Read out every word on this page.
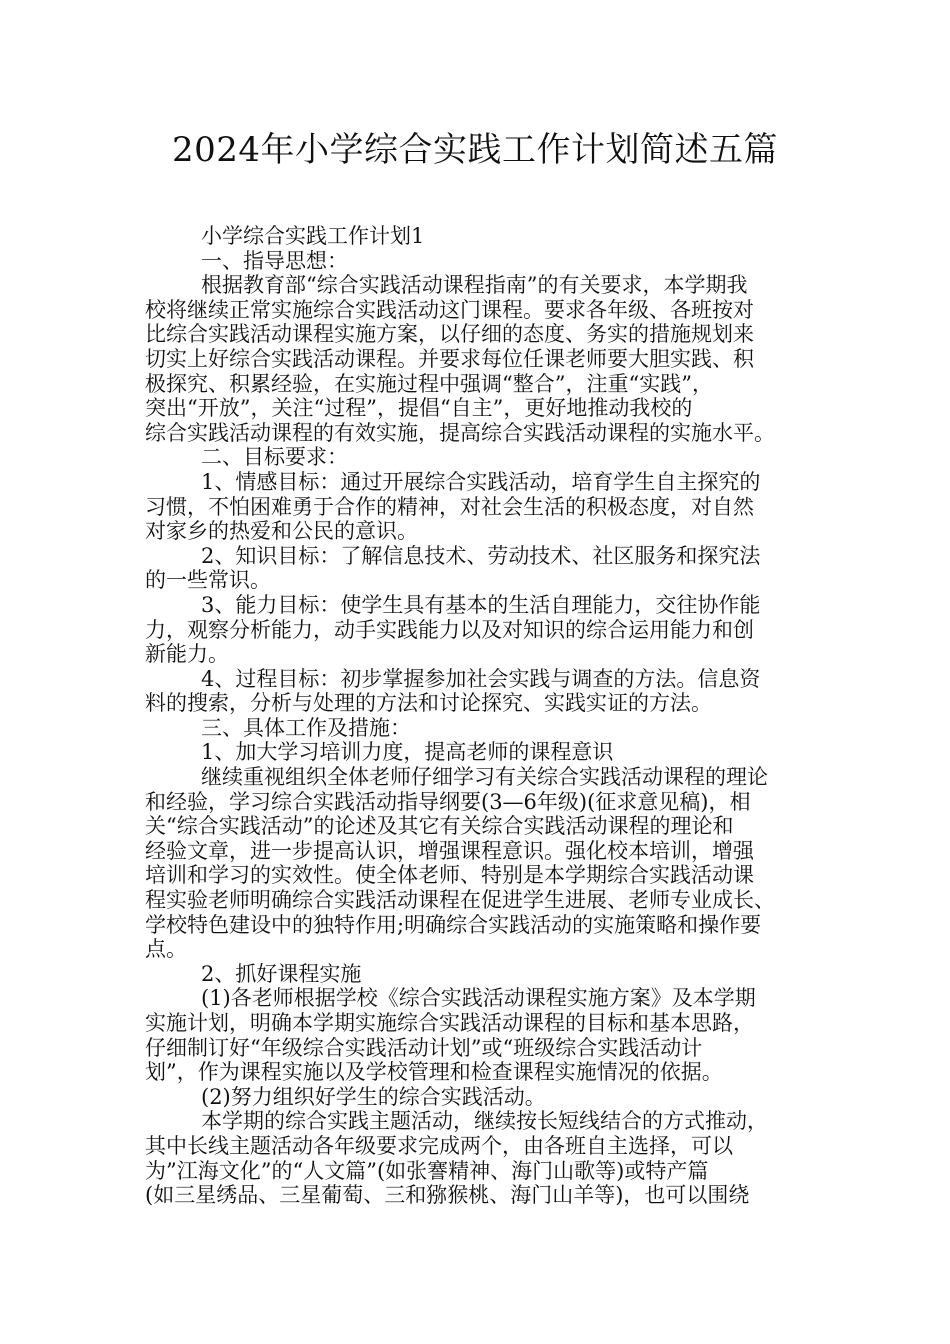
2024年小学综合实践工作计划简述五篇
小学综合实践工作计划1
一、指导思想：
根据教育部“综合实践活动课程指南”的有关要求，本学期我
校将继续正常实施综合实践活动这门课程。要求各年级、各班按对
比综合实践活动课程实施方案，以仔细的态度、务实的措施规划来
切实上好综合实践活动课程。并要求每位任课老师要大胆实践、积
极探究、积累经验，在实施过程中强调“整合”，注重“实践”，
突出“开放”，关注“过程”，提倡“自主”，更好地推动我校的
综合实践活动课程的有效实施，提高综合实践活动课程的实施水平。
二、目标要求：
1、情感目标：通过开展综合实践活动，培育学生自主探究的
习惯，不怕困难勇于合作的精神，对社会生活的积极态度，对自然
对家乡的热爱和公民的意识。
2、知识目标：了解信息技术、劳动技术、社区服务和探究法
的一些常识。
3、能力目标：使学生具有基本的生活自理能力，交往协作能
力，观察分析能力，动手实践能力以及对知识的综合运用能力和创
新能力。
4、过程目标：初步掌握参加社会实践与调查的方法。信息资
料的搜索，分析与处理的方法和讨论探究、实践实证的方法。
三、具体工作及措施：
1、加大学习培训力度，提高老师的课程意识
继续重视组织全体老师仔细学习有关综合实践活动课程的理论
和经验，学习综合实践活动指导纲要(3—6年级)(征求意见稿)，相
关“综合实践活动”的论述及其它有关综合实践活动课程的理论和
经验文章，进一步提高认识，增强课程意识。强化校本培训，增强
培训和学习的实效性。使全体老师、特别是本学期综合实践活动课
程实验老师明确综合实践活动课程在促进学生进展、老师专业成长、
学校特色建设中的独特作用;明确综合实践活动的实施策略和操作要
点。
2、抓好课程实施
(1)各老师根据学校《综合实践活动课程实施方案》及本学期
实施计划，明确本学期实施综合实践活动课程的目标和基本思路，
仔细制订好“年级综合实践活动计划”或“班级综合实践活动计
划”，作为课程实施以及学校管理和检查课程实施情况的依据。
(2)努力组织好学生的综合实践活动。
本学期的综合实践主题活动，继续按长短线结合的方式推动，
其中长线主题活动各年级要求完成两个，由各班自主选择，可以
为”江海文化”的“人文篇”(如张謇精神、海门山歌等)或特产篇
(如三星绣品、三星葡萄、三和猕猴桃、海门山羊等)，也可以围绕
